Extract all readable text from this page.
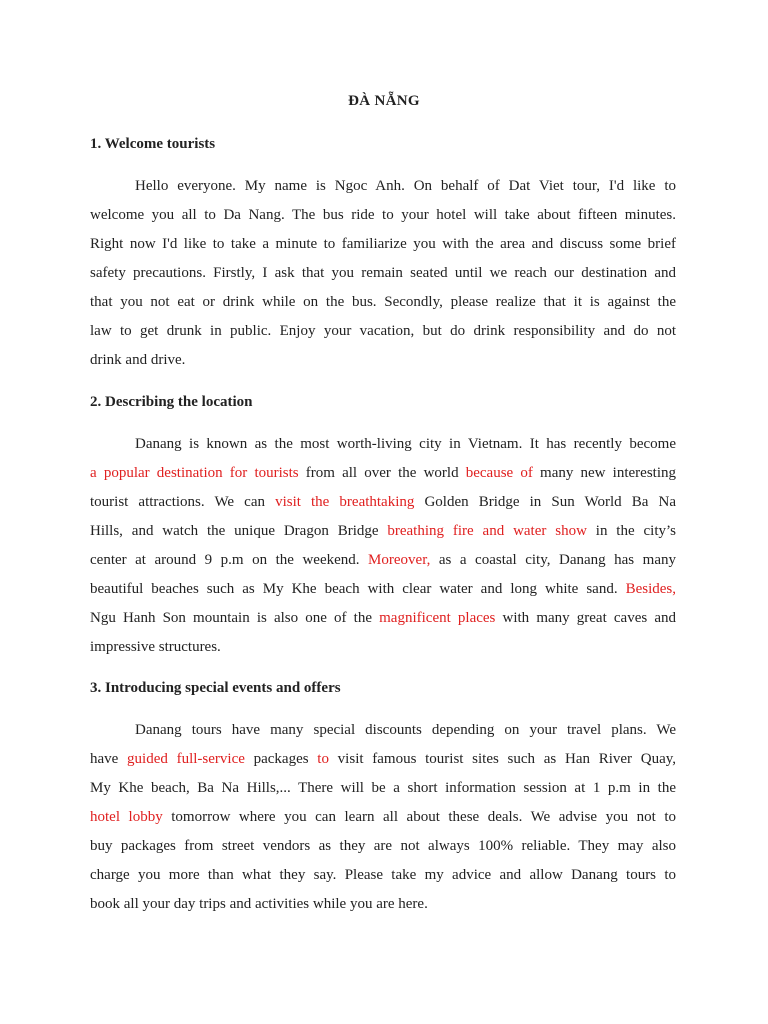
ĐÀ NẴNG
1. Welcome tourists
Hello everyone. My name is Ngoc Anh. On behalf of Dat Viet tour, I'd like to
welcome you all to Da Nang. The bus ride to your hotel will take about fifteen minutes.
Right now I'd like to take a minute to familiarize you with the area and discuss some brief
safety precautions. Firstly, I ask that you remain seated until we reach our destination and
that you not eat or drink while on the bus. Secondly, please realize that it is against the
law to get drunk in public. Enjoy your vacation, but do drink responsibility and do not
drink and drive.
2. Describing the location
Danang is known as the most worth-living city in Vietnam. It has recently become
a popular destination for tourists from all over the world because of many new interesting
tourist attractions. We can visit the breathtaking Golden Bridge in Sun World Ba Na
Hills, and watch the unique Dragon Bridge breathing fire and water show in the city’s
center at around 9 p.m on the weekend. Moreover, as a coastal city, Danang has many
beautiful beaches such as My Khe beach with clear water and long white sand. Besides,
Ngu Hanh Son mountain is also one of the magnificent places with many great caves and
impressive structures.
3. Introducing special events and offers
Danang tours have many special discounts depending on your travel plans. We
have guided full-service packages to visit famous tourist sites such as Han River Quay,
My Khe beach, Ba Na Hills,... There will be a short information session at 1 p.m in the
hotel lobby tomorrow where you can learn all about these deals. We advise you not to
buy packages from street vendors as they are not always 100% reliable. They may also
charge you more than what they say. Please take my advice and allow Danang tours to
book all your day trips and activities while you are here.
